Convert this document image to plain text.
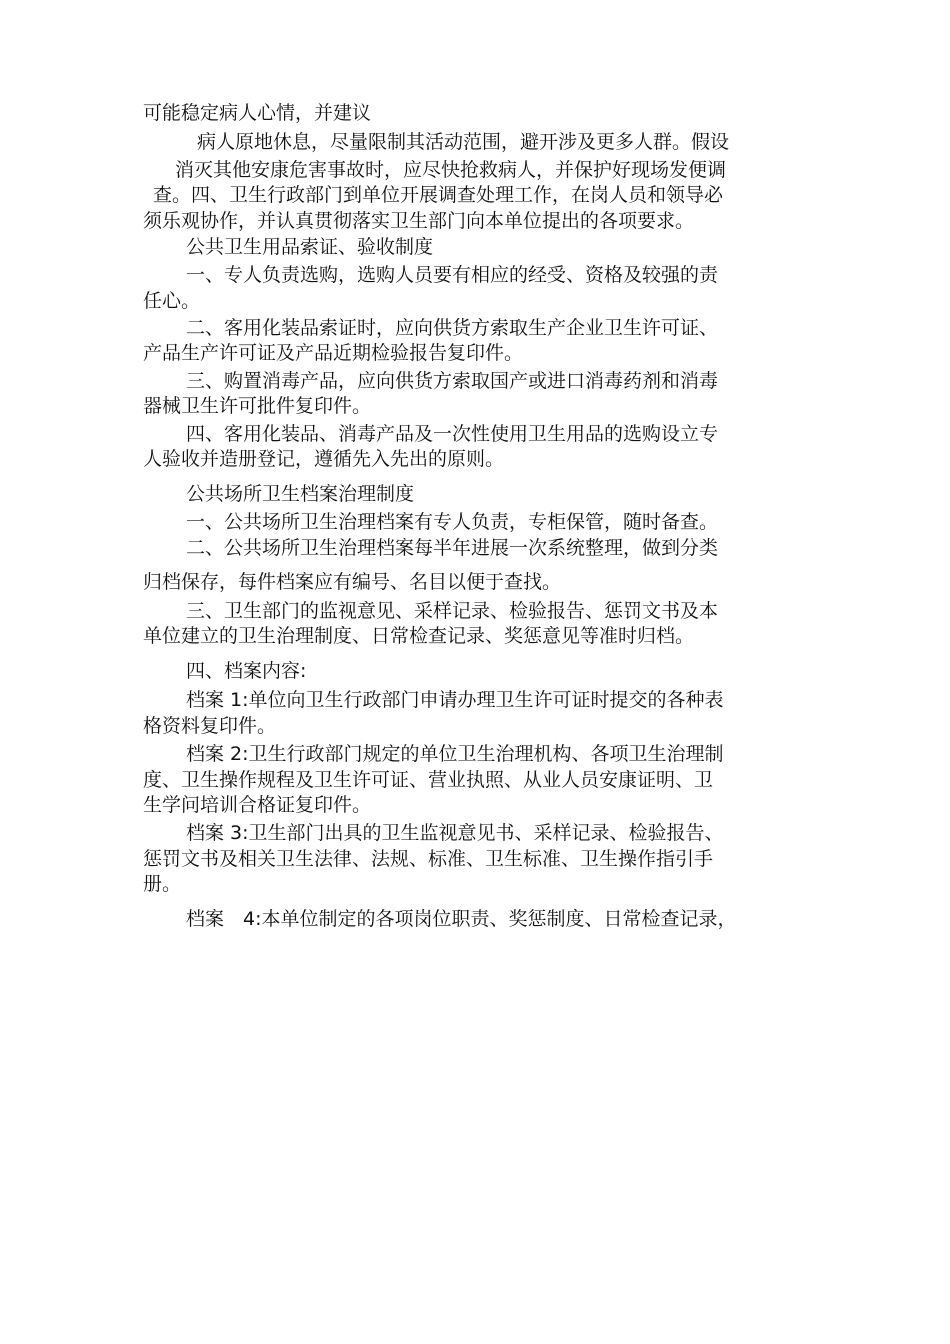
可能稳定病人心情，并建议

病人原地休息，尽量限制其活动范围，避开涉及更多人群。假设

消灭其他安康危害事故时，应尽快抢救病人，并保护好现场发便调

查。四、卫生行政部门到单位开展调查处理工作，在岗人员和领导必

须乐观协作，并认真贯彻落实卫生部门向本单位提出的各项要求。

公共卫生用品索证、验收制度

一、专人负责选购，选购人员要有相应的经受、资格及较强的责

任心。

二、客用化装品索证时，应向供货方索取生产企业卫生许可证、

产品生产许可证及产品近期检验报告复印件。

三、购置消毒产品，应向供货方索取国产或进口消毒药剂和消毒

器械卫生许可批件复印件。

四、客用化装品、消毒产品及一次性使用卫生用品的选购设立专

人验收并造册登记，遵循先入先出的原则。

公共场所卫生档案治理制度

一、公共场所卫生治理档案有专人负责，专柜保管，随时备查。

二、公共场所卫生治理档案每半年进展一次系统整理，做到分类

归档保存，每件档案应有编号、名目以便于查找。

三、卫生部门的监视意见、采样记录、检验报告、惩罚文书及本

单位建立的卫生治理制度、日常检查记录、奖惩意见等准时归档。

四、档案内容:

档案 1:单位向卫生行政部门申请办理卫生许可证时提交的各种表

格资料复印件。

档案 2:卫生行政部门规定的单位卫生治理机构、各项卫生治理制

度、卫生操作规程及卫生许可证、营业执照、从业人员安康证明、卫

生学问培训合格证复印件。

档案 3:卫生部门出具的卫生监视意见书、采样记录、检验报告、

惩罚文书及相关卫生法律、法规、标准、卫生标准、卫生操作指引手

册。

档案　4:本单位制定的各项岗位职责、奖惩制度、日常检查记录，
